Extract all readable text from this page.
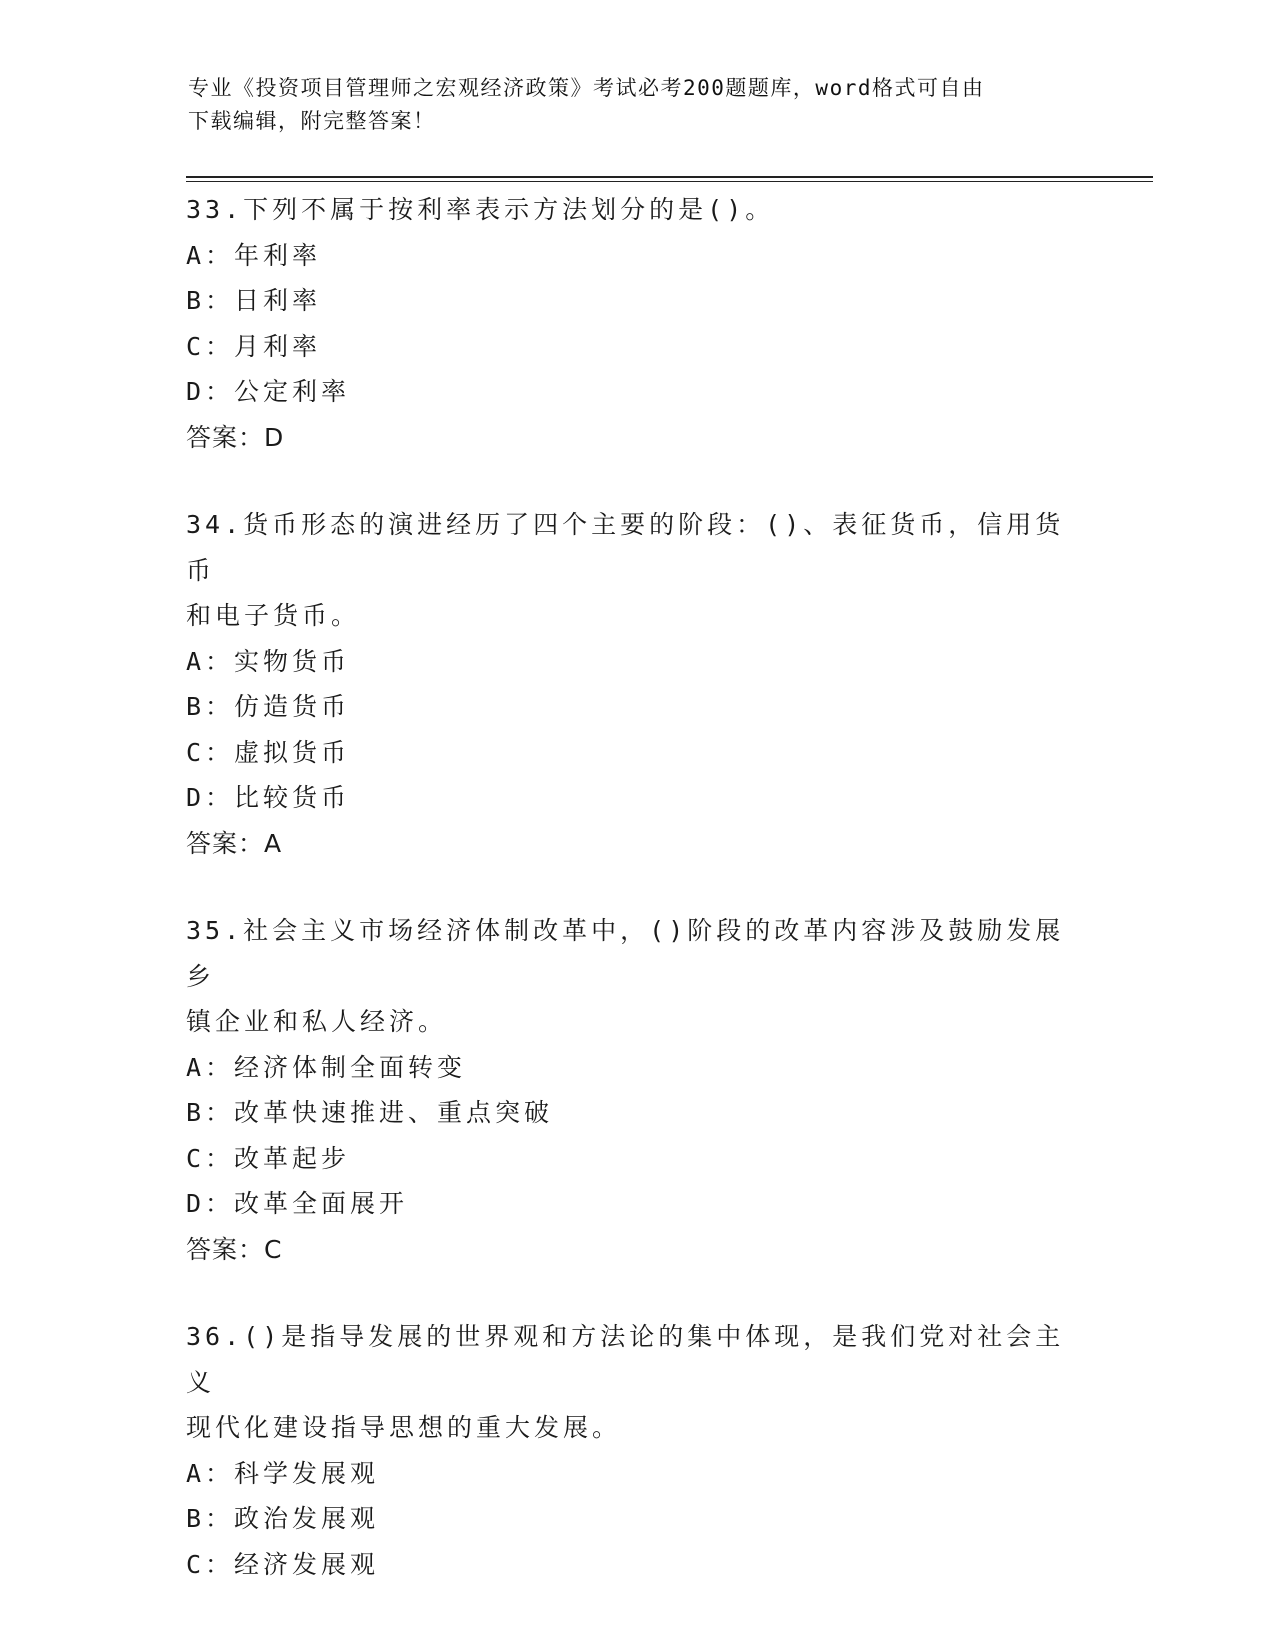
专业《投资项目管理师之宏观经济政策》考试必考200题题库，word格式可自由
下载编辑，附完整答案！
33.下列不属于按利率表示方法划分的是()。
A：年利率
B：日利率
C：月利率
D：公定利率
答案：D
34.货币形态的演进经历了四个主要的阶段：()、表征货币，信用货币
和电子货币。
A：实物货币
B：仿造货币
C：虚拟货币
D：比较货币
答案：A
35.社会主义市场经济体制改革中，()阶段的改革内容涉及鼓励发展乡
镇企业和私人经济。
A：经济体制全面转变
B：改革快速推进、重点突破
C：改革起步
D：改革全面展开
答案：C
36.()是指导发展的世界观和方法论的集中体现，是我们党对社会主义
现代化建设指导思想的重大发展。
A：科学发展观
B：政治发展观
C：经济发展观
